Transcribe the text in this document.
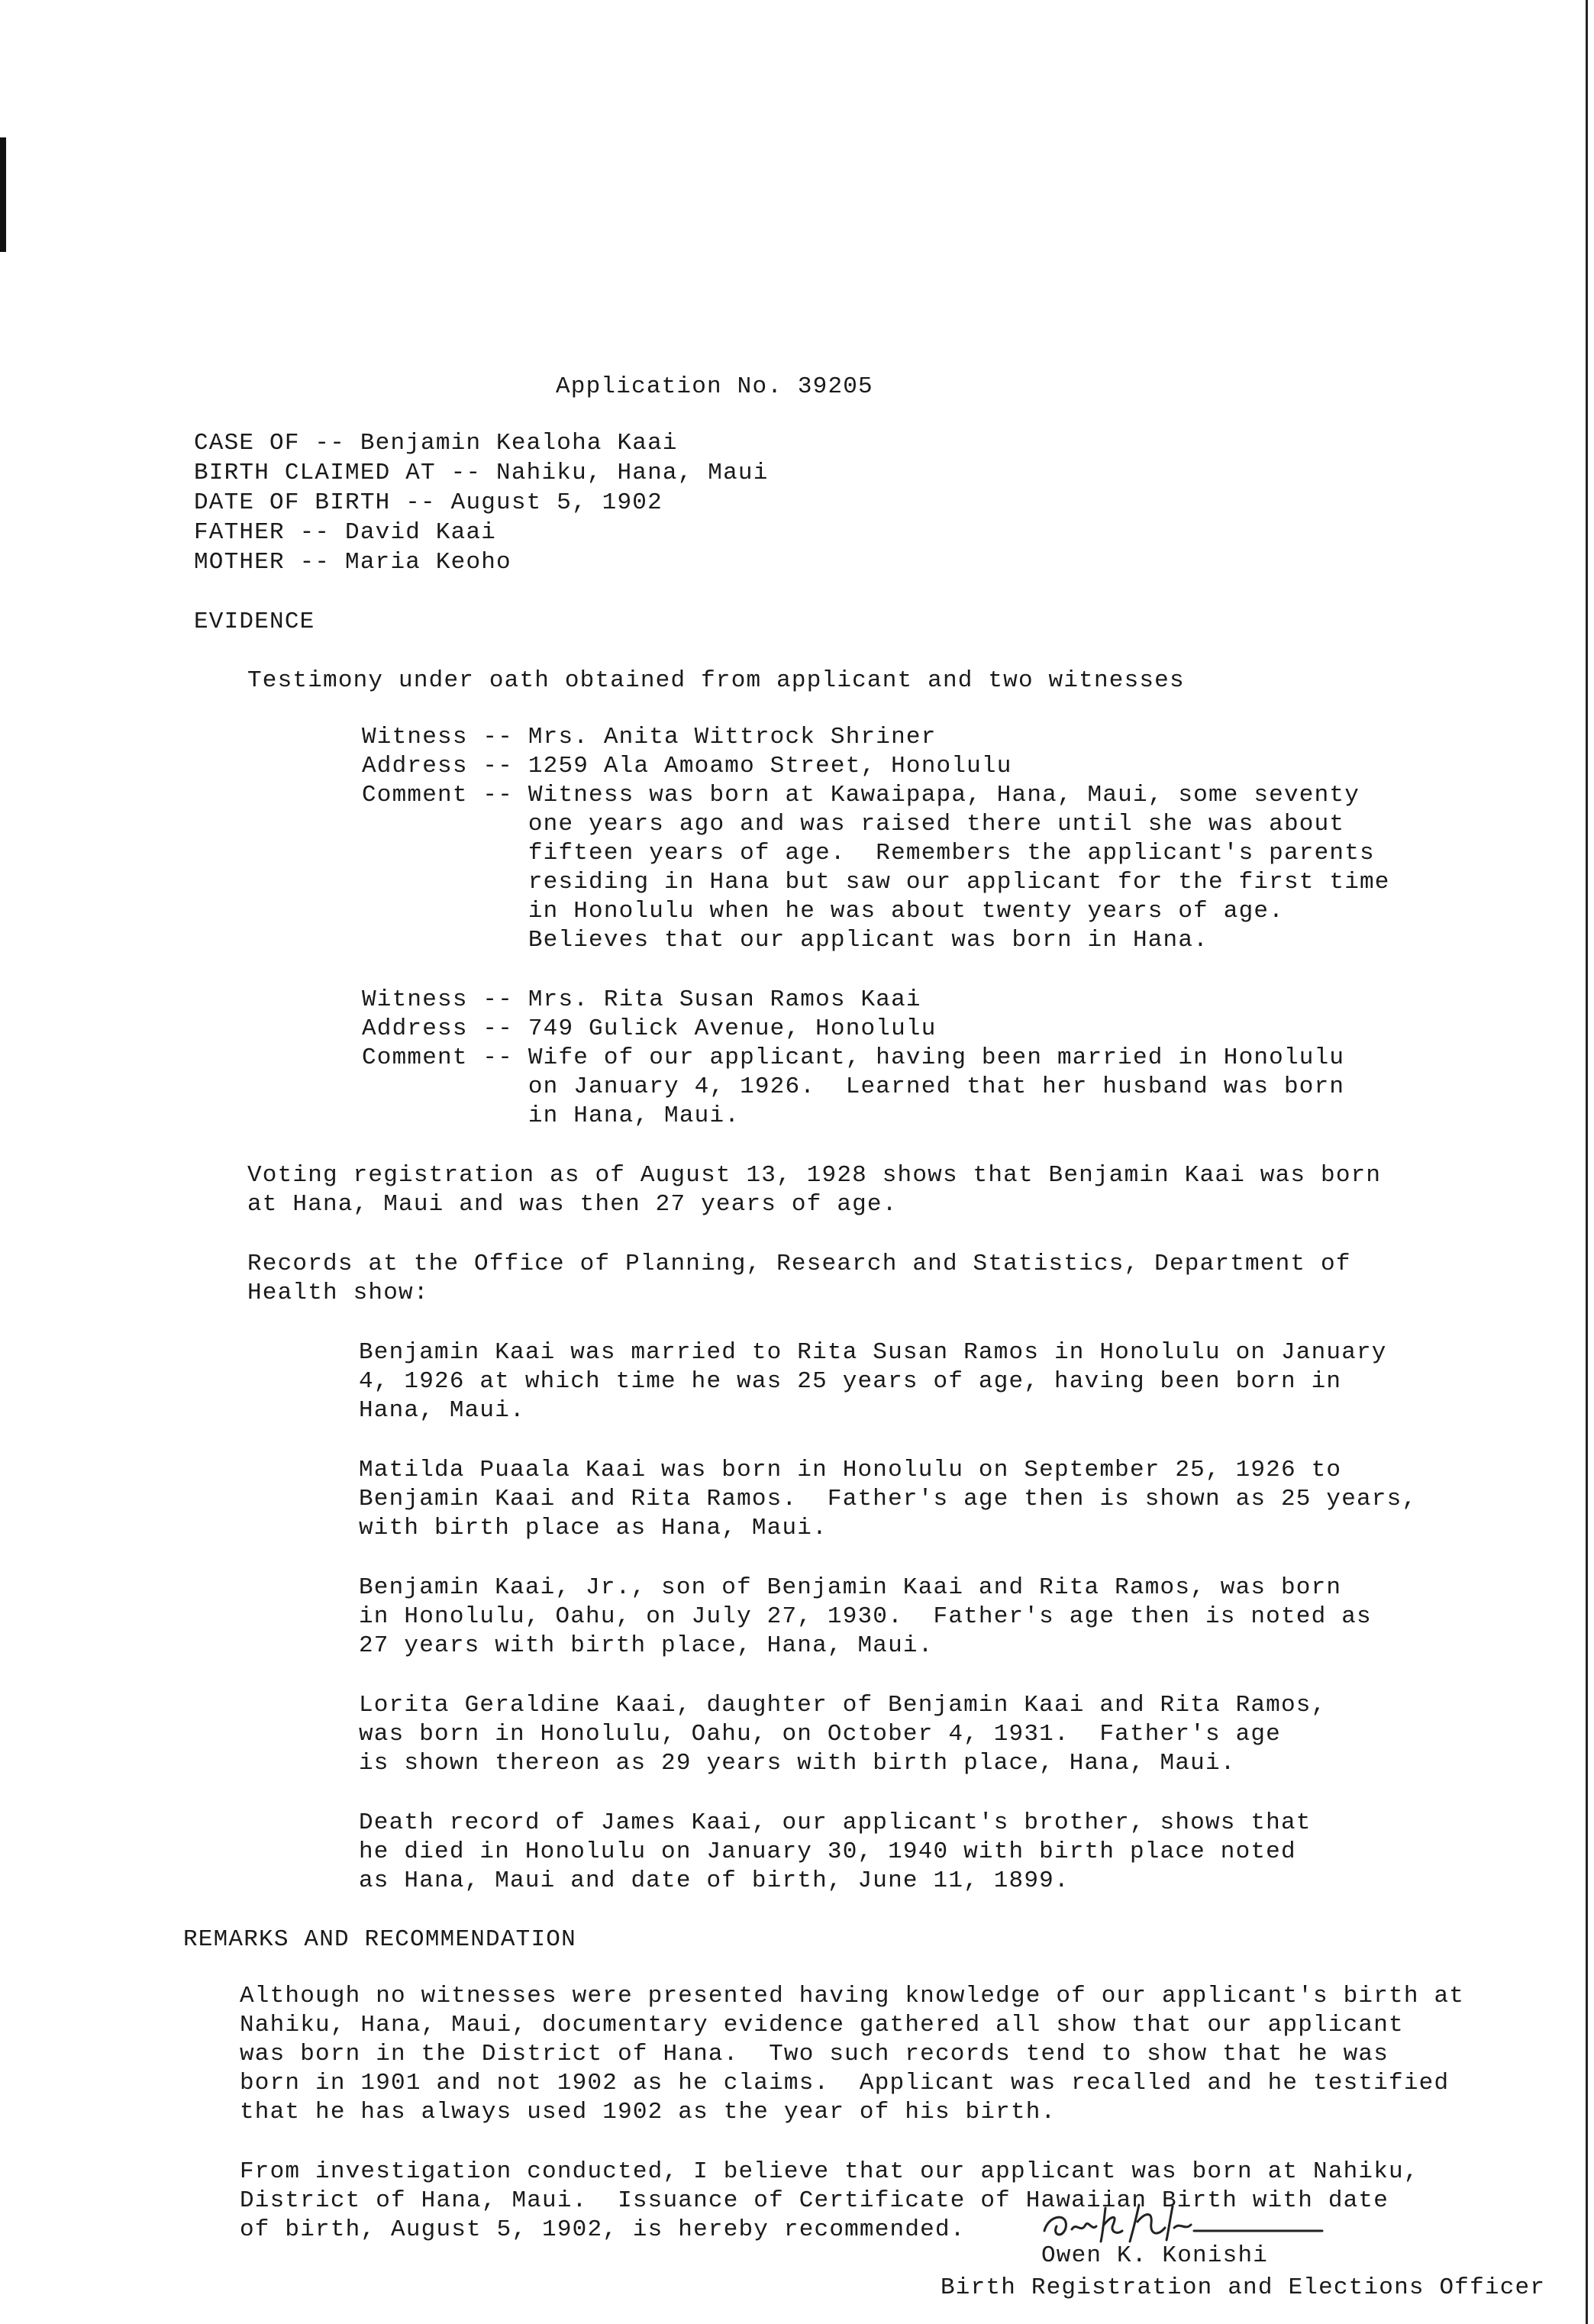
Application No. 39205
CASE OF -- Benjamin Kealoha Kaai
BIRTH CLAIMED AT -- Nahiku, Hana, Maui
DATE OF BIRTH -- August 5, 1902
FATHER -- David Kaai
MOTHER -- Maria Keoho
EVIDENCE
Testimony under oath obtained from applicant and two witnesses
Witness -- Mrs. Anita Wittrock Shriner
Address -- 1259 Ala Amoamo Street, Honolulu
Comment -- Witness was born at Kawaipapa, Hana, Maui, some seventy
one years ago and was raised there until she was about
fifteen years of age.  Remembers the applicant's parents
residing in Hana but saw our applicant for the first time
in Honolulu when he was about twenty years of age.
Believes that our applicant was born in Hana.
Witness -- Mrs. Rita Susan Ramos Kaai
Address -- 749 Gulick Avenue, Honolulu
Comment -- Wife of our applicant, having been married in Honolulu
on January 4, 1926.  Learned that her husband was born
in Hana, Maui.
Voting registration as of August 13, 1928 shows that Benjamin Kaai was born
at Hana, Maui and was then 27 years of age.
Records at the Office of Planning, Research and Statistics, Department of
Health show:
Benjamin Kaai was married to Rita Susan Ramos in Honolulu on January
4, 1926 at which time he was 25 years of age, having been born in
Hana, Maui.
Matilda Puaala Kaai was born in Honolulu on September 25, 1926 to
Benjamin Kaai and Rita Ramos.  Father's age then is shown as 25 years,
with birth place as Hana, Maui.
Benjamin Kaai, Jr., son of Benjamin Kaai and Rita Ramos, was born
in Honolulu, Oahu, on July 27, 1930.  Father's age then is noted as
27 years with birth place, Hana, Maui.
Lorita Geraldine Kaai, daughter of Benjamin Kaai and Rita Ramos,
was born in Honolulu, Oahu, on October 4, 1931.  Father's age
is shown thereon as 29 years with birth place, Hana, Maui.
Death record of James Kaai, our applicant's brother, shows that
he died in Honolulu on January 30, 1940 with birth place noted
as Hana, Maui and date of birth, June 11, 1899.
REMARKS AND RECOMMENDATION
Although no witnesses were presented having knowledge of our applicant's birth at
Nahiku, Hana, Maui, documentary evidence gathered all show that our applicant
was born in the District of Hana.  Two such records tend to show that he was
born in 1901 and not 1902 as he claims.  Applicant was recalled and he testified
that he has always used 1902 as the year of his birth.
From investigation conducted, I believe that our applicant was born at Nahiku,
District of Hana, Maui.  Issuance of Certificate of Hawaiian Birth with date
of birth, August 5, 1902, is hereby recommended.
Owen K. Konishi
Birth Registration and Elections Officer
